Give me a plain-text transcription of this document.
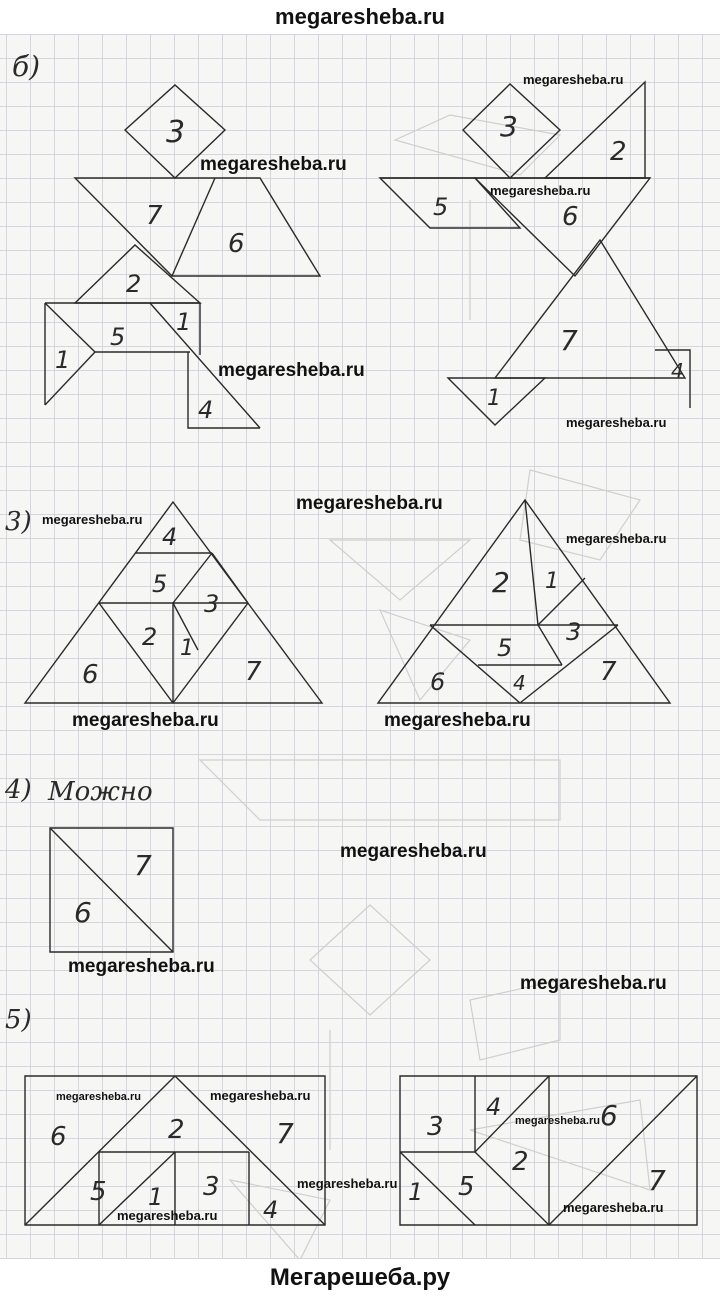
megaresheba.ru
б)
3
7
6
2
5
1
1
4
3
2
5	6
7
4
1
3)	4
5
3
2 1
6	7
2 1
3
5
6	4	7
4) Можно
7
6
5)
6	2	7
5 1 3
4
3
4
2
6
1 5	7
megaresheba.ru
megaresheba.ru
megaresheba.ru
megaresheba.ru
megaresheba.ru
megaresheba.ru
megaresheba.ru
megaresheba.ru
megaresheba.ru	megaresheba.ru
megaresheba.ru
megaresheba.ru
megaresheba.ru
megaresheba.ru	megaresheba.ru
megaresheba.ru
megaresheba.ru
megaresheba.ru
megaresheba.ru
Мегарешеба.ру
